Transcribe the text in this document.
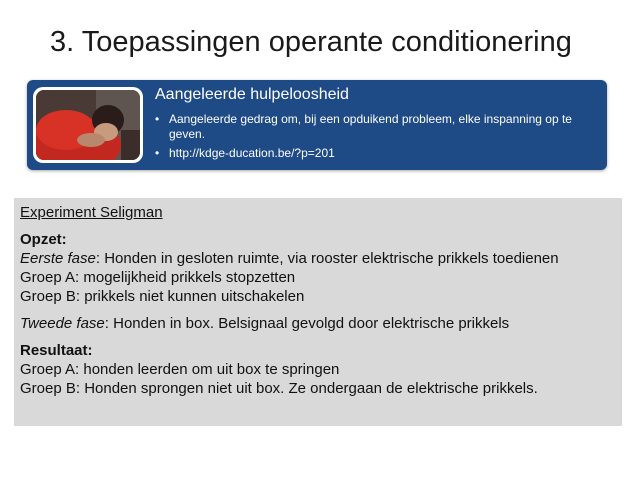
3. Toepassingen operante conditionering
Aangeleerde hulpeloosheid
• Aangeleerde gedrag om, bij een opduikend probleem, elke inspanning op te geven.
• http://kdge-ducation.be/?p=201
Experiment Seligman
Opzet:
Eerste fase: Honden in gesloten ruimte, via rooster elektrische prikkels toedienen
Groep A: mogelijkheid prikkels stopzetten
Groep B: prikkels niet kunnen uitschakelen
Tweede fase: Honden in box. Belsignaal gevolgd door elektrische prikkels
Resultaat:
Groep A: honden leerden om uit box te springen
Groep B: Honden sprongen niet uit box. Ze ondergaan de elektrische prikkels.
